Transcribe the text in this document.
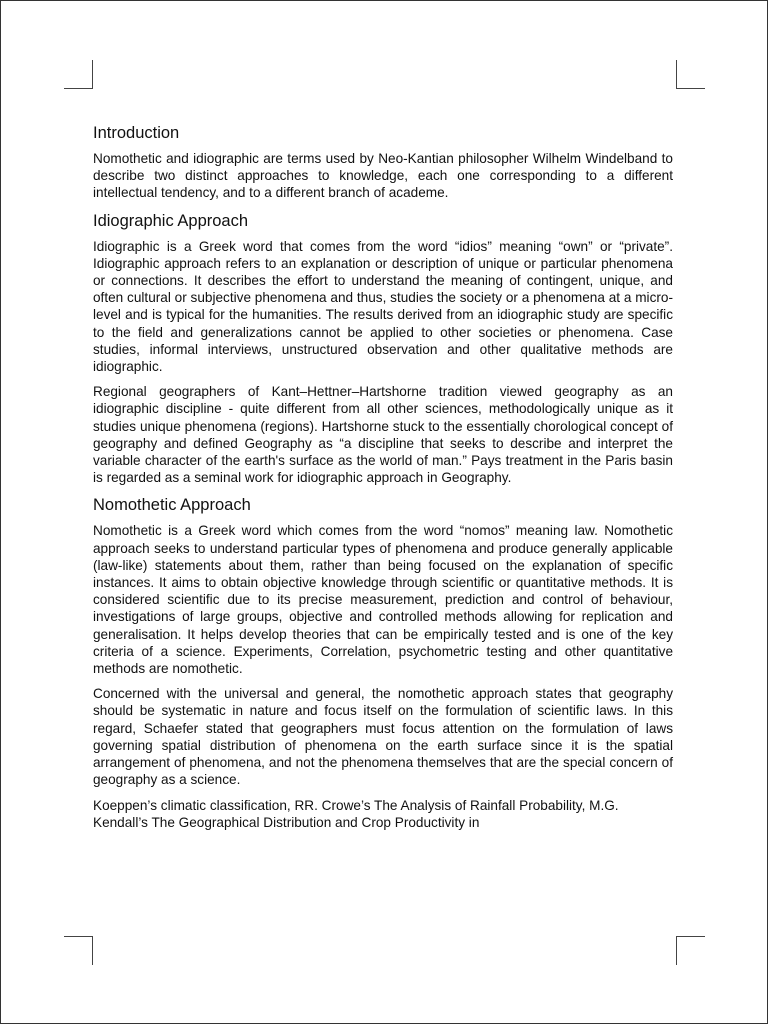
Introduction

Nomothetic and idiographic are terms used by Neo-Kantian philosopher Wilhelm Windelband to describe two distinct approaches to knowledge, each one corresponding to a different intellectual tendency, and to a different branch of academe.

Idiographic Approach

Idiographic is a Greek word that comes from the word “idios” meaning “own” or “private”. Idiographic approach refers to an explanation or description of unique or particular phenomena or connections. It describes the effort to understand the meaning of contingent, unique, and often cultural or subjective phenomena and thus, studies the society or a phenomena at a micro-level and is typical for the humanities. The results derived from an idiographic study are specific to the field and generalizations cannot be applied to other societies or phenomena. Case studies, informal interviews, unstructured observation and other qualitative methods are idiographic.

Regional geographers of Kant–Hettner–Hartshorne tradition viewed geography as an idiographic discipline - quite different from all other sciences, methodologically unique as it studies unique phenomena (regions). Hartshorne stuck to the essentially chorological concept of geography and defined Geography as “a discipline that seeks to describe and interpret the variable character of the earth's surface as the world of man.” Pays treatment in the Paris basin is regarded as a seminal work for idiographic approach in Geography.

Nomothetic Approach

Nomothetic is a Greek word which comes from the word “nomos” meaning law. Nomothetic approach seeks to understand particular types of phenomena and produce generally applicable (law-like) statements about them, rather than being focused on the explanation of specific instances. It aims to obtain objective knowledge through scientific or quantitative methods. It is considered scientific due to its precise measurement, prediction and control of behaviour, investigations of large groups, objective and controlled methods allowing for replication and generalisation. It helps develop theories that can be empirically tested and is one of the key criteria of a science. Experiments, Correlation, psychometric testing and other quantitative methods are nomothetic.

Concerned with the universal and general, the nomothetic approach states that geography should be systematic in nature and focus itself on the formulation of scientific laws. In this regard, Schaefer stated that geographers must focus attention on the formulation of laws governing spatial distribution of phenomena on the earth surface since it is the spatial arrangement of phenomena, and not the phenomena themselves that are the special concern of geography as a science.

Koeppen’s climatic classification, RR. Crowe’s The Analysis of Rainfall Probability, M.G. Kendall’s The Geographical Distribution and Crop Productivity in
